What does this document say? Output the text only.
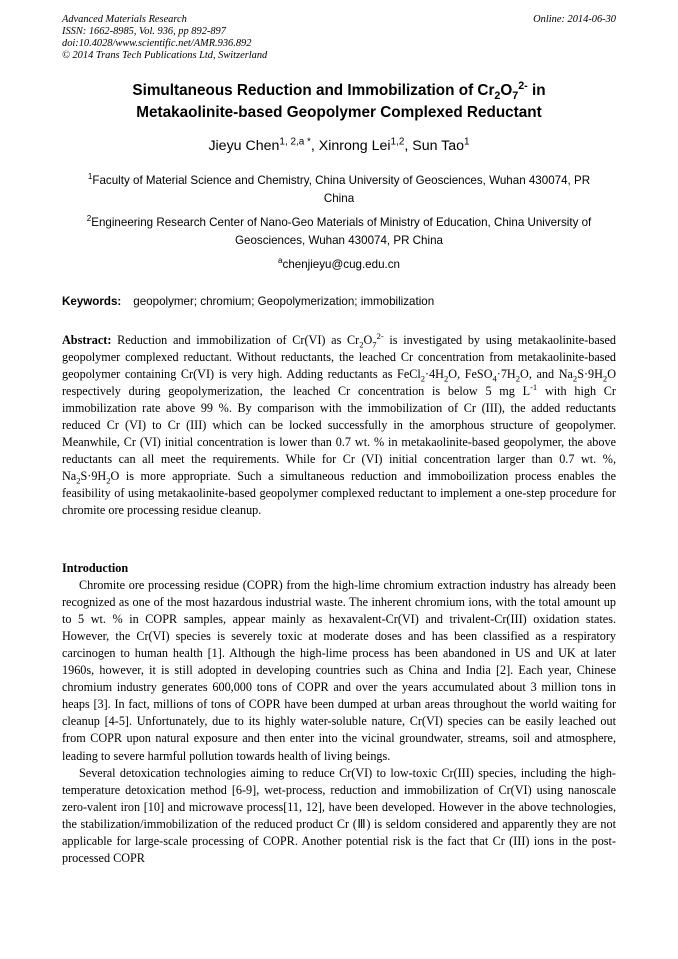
Advanced Materials Research
ISSN: 1662-8985, Vol. 936, pp 892-897
doi:10.4028/www.scientific.net/AMR.936.892
© 2014 Trans Tech Publications Ltd, Switzerland
Online: 2014-06-30
Simultaneous Reduction and Immobilization of $Cr_2O_7^{2-}$ in
Metakaolinite-based Geopolymer Complexed Reductant
Jieyu Chen$^{1, 2,a *}$, Xinrong Lei$^{1,2}$, Sun Tao$^1$
$^1$Faculty of Material Science and Chemistry, China University of Geosciences, Wuhan 430074, PR
China
$^2$Engineering Research Center of Nano-Geo Materials of Ministry of Education, China University of
Geosciences, Wuhan 430074, PR China
$^a$chenjieyu@cug.edu.cn
Keywords: geopolymer; chromium; Geopolymerization; immobilization

Abstract: Reduction and immobilization of Cr(VI) as $Cr_2O_7^{2-}$ is investigated by using metakaolinite-based geopolymer complexed reductant. Without reductants, the leached Cr concentration from metakaolinite-based geopolymer containing Cr(VI) is very high. Adding reductants as $FeCl_2\cdot 4H_2O$, $FeSO_4\cdot 7H_2O$, and $Na_2S\cdot 9H_2O$ respectively during geopolymerization, the leached Cr concentration is below 5 mg $L^{-1}$ with high Cr immobilization rate above 99 %. By comparison with the immobilization of Cr (III), the added reductants reduced Cr (VI) to Cr (III) which can be locked successfully in the amorphous structure of geopolymer. Meanwhile, Cr (VI) initial concentration is lower than 0.7 wt. % in metakaolinite-based geopolymer, the above reductants can all meet the requirements. While for Cr (VI) initial concentration larger than 0.7 wt. %, $Na_2S\cdot 9H_2O$ is more appropriate. Such a simultaneous reduction and immoboilization process enables the feasibility of using metakaolinite-based geopolymer complexed reductant to implement a one-step procedure for chromite ore processing residue cleanup.

Introduction

Chromite ore processing residue (COPR) from the high-lime chromium extraction industry has already been recognized as one of the most hazardous industrial waste. The inherent chromium ions, with the total amount up to 5 wt. % in COPR samples, appear mainly as hexavalent-Cr(VI) and trivalent-Cr(III) oxidation states. However, the Cr(VI) species is severely toxic at moderate doses and has been classified as a respiratory carcinogen to human health [1]. Although the high-lime process has been abandoned in US and UK at later 1960s, however, it is still adopted in developing countries such as China and India [2]. Each year, Chinese chromium industry generates 600,000 tons of COPR and over the years accumulated about 3 million tons in heaps [3]. In fact, millions of tons of COPR have been dumped at urban areas throughout the world waiting for cleanup [4-5]. Unfortunately, due to its highly water-soluble nature, Cr(VI) species can be easily leached out from COPR upon natural exposure and then enter into the vicinal groundwater, streams, soil and atmosphere, leading to severe harmful pollution towards health of living beings.

Several detoxication technologies aiming to reduce Cr(VI) to low-toxic Cr(III) species, including the high-temperature detoxication method [6-9], wet-process, reduction and immobilization of Cr(VI) using nanoscale zero-valent iron [10] and microwave process[11, 12], have been developed. However in the above technologies, the stabilization/immobilization of the reduced product Cr (Ⅲ) is seldom considered and apparently they are not applicable for large-scale processing of COPR. Another potential risk is the fact that Cr (III) ions in the post-processed COPR
